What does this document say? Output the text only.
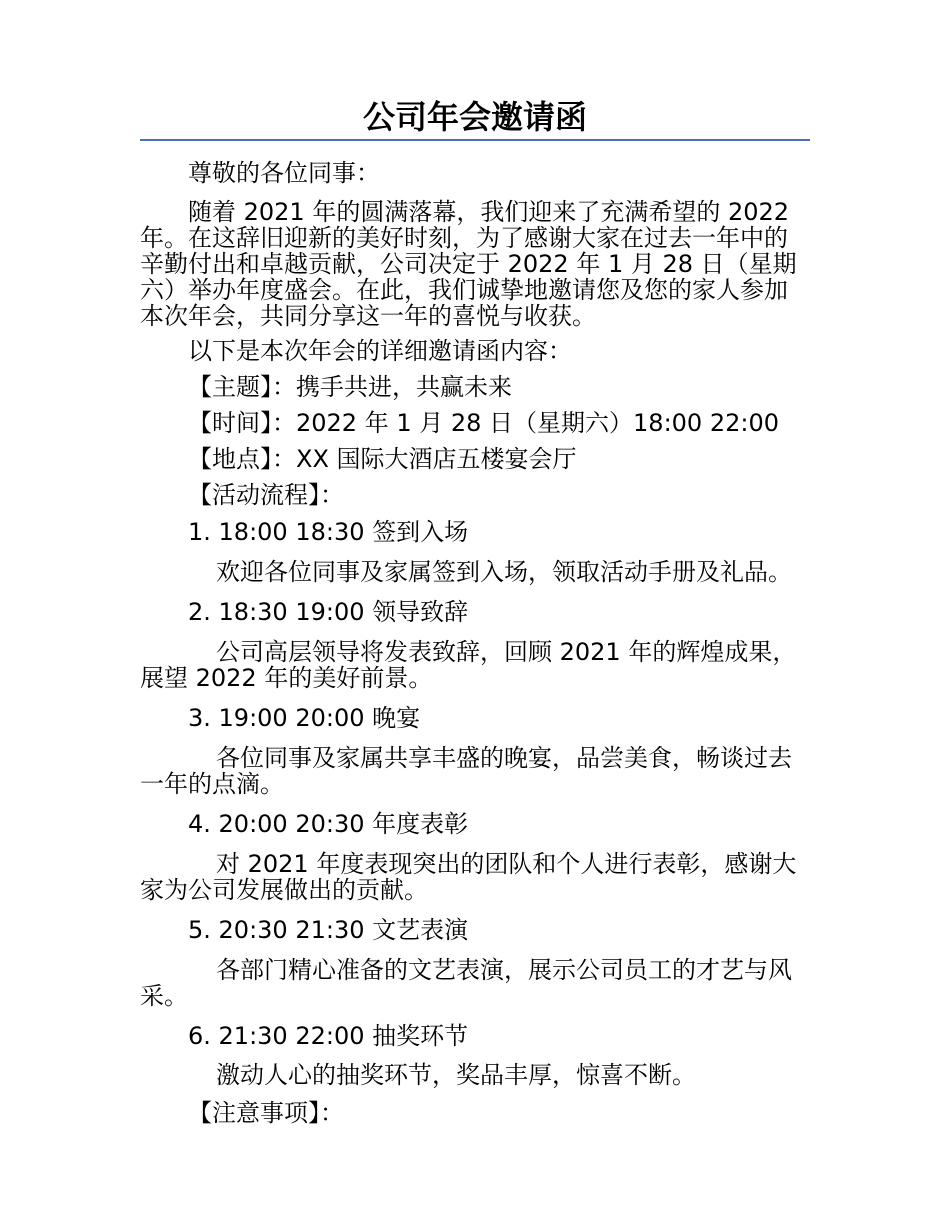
公司年会邀请函

尊敬的各位同事：

随着 2021 年的圆满落幕，我们迎来了充满希望的 2022 年。在这辞旧迎新的美好时刻，为了感谢大家在过去一年中的辛勤付出和卓越贡献，公司决定于 2022 年 1 月 28 日（星期六）举办年度盛会。在此，我们诚挚地邀请您及您的家人参加本次年会，共同分享这一年的喜悦与收获。

以下是本次年会的详细邀请函内容：

【主题】：携手共进，共赢未来

【时间】：2022 年 1 月 28 日（星期六）18:00 22:00

【地点】：XX 国际大酒店五楼宴会厅

【活动流程】：

1. 18:00 18:30 签到入场

欢迎各位同事及家属签到入场，领取活动手册及礼品。

2. 18:30 19:00 领导致辞

公司高层领导将发表致辞，回顾 2021 年的辉煌成果，展望 2022 年的美好前景。

3. 19:00 20:00 晚宴

各位同事及家属共享丰盛的晚宴，品尝美食，畅谈过去一年的点滴。

4. 20:00 20:30 年度表彰

对 2021 年度表现突出的团队和个人进行表彰，感谢大家为公司发展做出的贡献。

5. 20:30 21:30 文艺表演

各部门精心准备的文艺表演，展示公司员工的才艺与风采。

6. 21:30 22:00 抽奖环节

激动人心的抽奖环节，奖品丰厚，惊喜不断。

【注意事项】：
